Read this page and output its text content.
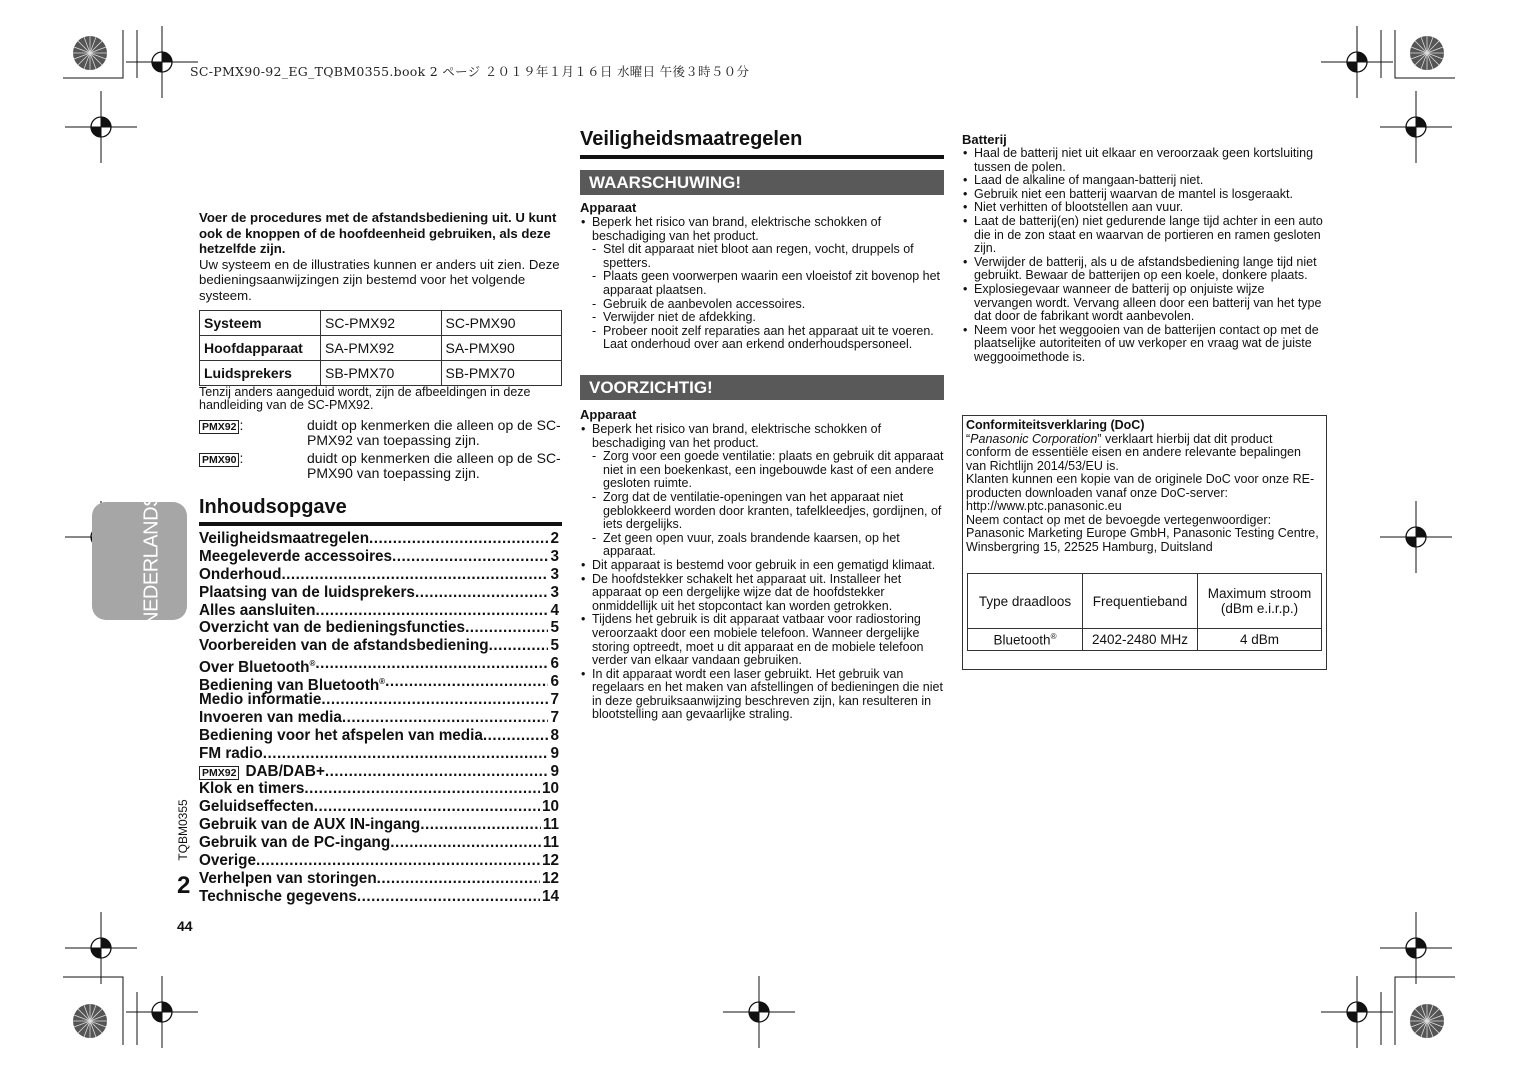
SC-PMX90-92_EG_TQBM0355.book 2 ページ ２０１９年１月１６日 水曜日 午後３時５０分
Voer de procedures met de afstandsbediening uit. U kunt ook de knoppen of de hoofdeenheid gebruiken, als deze hetzelfde zijn.
Uw systeem en de illustraties kunnen er anders uit zien. Deze bedieningsaanwijzingen zijn bestemd voor het volgende systeem.
Systeem	SC-PMX92	SC-PMX90
Hoofdapparaat	SA-PMX92	SA-PMX90
Luidsprekers	SB-PMX70	SB-PMX70
Tenzij anders aangeduid wordt, zijn de afbeeldingen in deze handleiding van de SC-PMX92.
PMX92 :	duidt op kenmerken die alleen op de SC-PMX92 van toepassing zijn.
PMX90 :	duidt op kenmerken die alleen op de SC-PMX90 van toepassing zijn.
Inhoudsopgave
Veiligheidsmaatregelen .....	2
Meegeleverde accessoires .....	3
Onderhoud .....	3
Plaatsing van de luidsprekers .....	3
Alles aansluiten .....	4
Overzicht van de bedieningsfuncties .....	5
Voorbereiden van de afstandsbediening .....	5
Over Bluetooth® .....	6
Bediening van Bluetooth® .....	6
Medio informatie .....	7
Invoeren van media .....	7
Bediening voor het afspelen van media .....	8
FM radio .....	9
PMX92 DAB/DAB+ .....	9
Klok en timers .....	10
Geluidseffecten .....	10
Gebruik van de AUX IN-ingang .....	11
Gebruik van de PC-ingang .....	11
Overige .....	12
Verhelpen van storingen .....	12
Technische gegevens .....	14
NEDERLANDS
TQBM0355
2
44
Veiligheidsmaatregelen
WAARSCHUWING!
Apparaat
• Beperk het risico van brand, elektrische schokken of beschadiging van het product.
- Stel dit apparaat niet bloot aan regen, vocht, druppels of spetters.
- Plaats geen voorwerpen waarin een vloeistof zit bovenop het apparaat plaatsen.
- Gebruik de aanbevolen accessoires.
- Verwijder niet de afdekking.
- Probeer nooit zelf reparaties aan het apparaat uit te voeren. Laat onderhoud over aan erkend onderhoudspersoneel.
VOORZICHTIG!
Apparaat
• Beperk het risico van brand, elektrische schokken of beschadiging van het product.
- Zorg voor een goede ventilatie: plaats en gebruik dit apparaat niet in een boekenkast, een ingebouwde kast of een andere gesloten ruimte.
- Zorg dat de ventilatie-openingen van het apparaat niet geblokkeerd worden door kranten, tafelkleedjes, gordijnen, of iets dergelijks.
- Zet geen open vuur, zoals brandende kaarsen, op het apparaat.
• Dit apparaat is bestemd voor gebruik in een gematigd klimaat.
• De hoofdstekker schakelt het apparaat uit. Installeer het apparaat op een dergelijke wijze dat de hoofdstekker onmiddellijk uit het stopcontact kan worden getrokken.
• Tijdens het gebruik is dit apparaat vatbaar voor radiostoring veroorzaakt door een mobiele telefoon. Wanneer dergelijke storing optreedt, moet u dit apparaat en de mobiele telefoon verder van elkaar vandaan gebruiken.
• In dit apparaat wordt een laser gebruikt. Het gebruik van regelaars en het maken van afstellingen of bedieningen die niet in deze gebruiksaanwijzing beschreven zijn, kan resulteren in blootstelling aan gevaarlijke straling.
Batterij
• Haal de batterij niet uit elkaar en veroorzaak geen kortsluiting tussen de polen.
• Laad de alkaline of mangaan-batterij niet.
• Gebruik niet een batterij waarvan de mantel is losgeraakt.
• Niet verhitten of blootstellen aan vuur.
• Laat de batterij(en) niet gedurende lange tijd achter in een auto die in de zon staat en waarvan de portieren en ramen gesloten zijn.
• Verwijder de batterij, als u de afstandsbediening lange tijd niet gebruikt. Bewaar de batterijen op een koele, donkere plaats.
• Explosiegevaar wanneer de batterij op onjuiste wijze vervangen wordt. Vervang alleen door een batterij van het type dat door de fabrikant wordt aanbevolen.
• Neem voor het weggooien van de batterijen contact op met de plaatselijke autoriteiten of uw verkoper en vraag wat de juiste weggooimethode is.
Conformiteitsverklaring (DoC)
“Panasonic Corporation” verklaart hierbij dat dit product conform de essentiële eisen en andere relevante bepalingen van Richtlijn 2014/53/EU is.
Klanten kunnen een kopie van de originele DoC voor onze RE-producten downloaden vanaf onze DoC-server:
http://www.ptc.panasonic.eu
Neem contact op met de bevoegde vertegenwoordiger: Panasonic Marketing Europe GmbH, Panasonic Testing Centre, Winsbergring 15, 22525 Hamburg, Duitsland
Type draadloos	Frequentieband	Maximum stroom (dBm e.i.r.p.)
Bluetooth®	2402-2480 MHz	4 dBm
